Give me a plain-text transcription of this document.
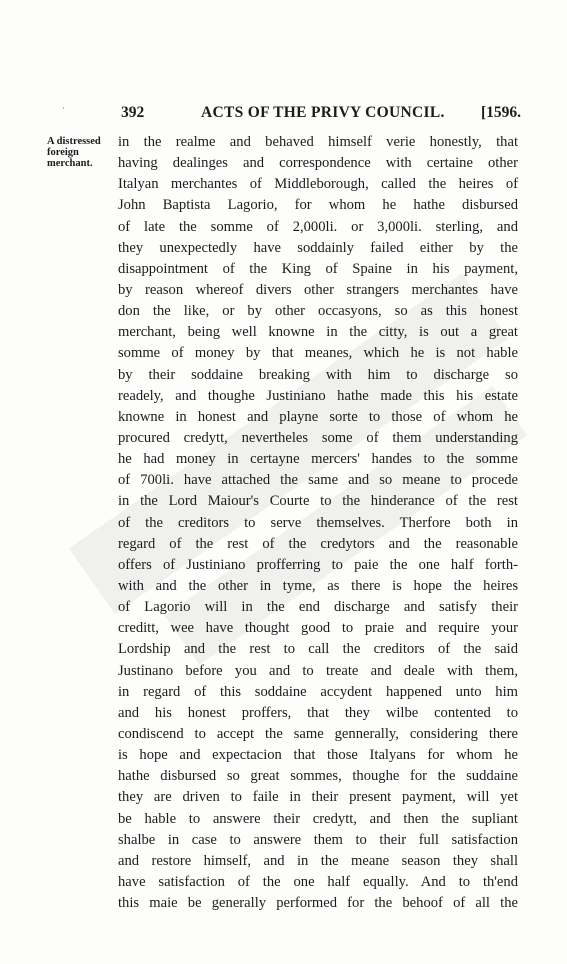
·	392	ACTS OF THE PRIVY COUNCIL. [1596.
A distressed
foreign
merchant.
in the realme and behaved himself verie honestly, that
having dealinges and correspondence with certaine other
Italyan merchantes of Middleborough, called the heires of
John Baptista Lagorio, for whom he hathe disbursed
of late the somme of 2,000li. or 3,000li. sterling, and
they unexpectedly have soddainly failed either by the
disappointment of the King of Spaine in his payment,
by reason whereof divers other strangers merchantes have
don the like, or by other occasyons, so as this honest
merchant, being well knowne in the citty, is out a great
somme of money by that meanes, which he is not hable
by their soddaine breaking with him to discharge so
readely, and thoughe Justiniano hathe made this his estate
knowne in honest and playne sorte to those of whom he
procured credytt, nevertheles some of them understanding
he had money in certayne mercers' handes to the somme
of 700li. have attached the same and so meane to procede
in the Lord Maiour's Courte to the hinderance of the rest
of the creditors to serve themselves. Therfore both in
regard of the rest of the credytors and the reasonable
offers of Justiniano profferring to paie the one half forth-
with and the other in tyme, as there is hope the heires
of Lagorio will in the end discharge and satisfy their
creditt, wee have thought good to praie and require your
Lordship and the rest to call the creditors of the said
Justinano before you and to treate and deale with them,
in regard of this soddaine accydent happened unto him
and his honest proffers, that they wilbe contented to
condiscend to accept the same gennerally, considering there
is hope and expectacion that those Italyans for whom he
hathe disbursed so great sommes, thoughe for the suddaine
they are driven to faile in their present payment, will yet
be hable to answere their credytt, and then the supliant
shalbe in case to answere them to their full satisfaction
and restore himself, and in the meane season they shall
have satisfaction of the one half equally. And to th'end
this maie be generally performed for the behoof of all the
